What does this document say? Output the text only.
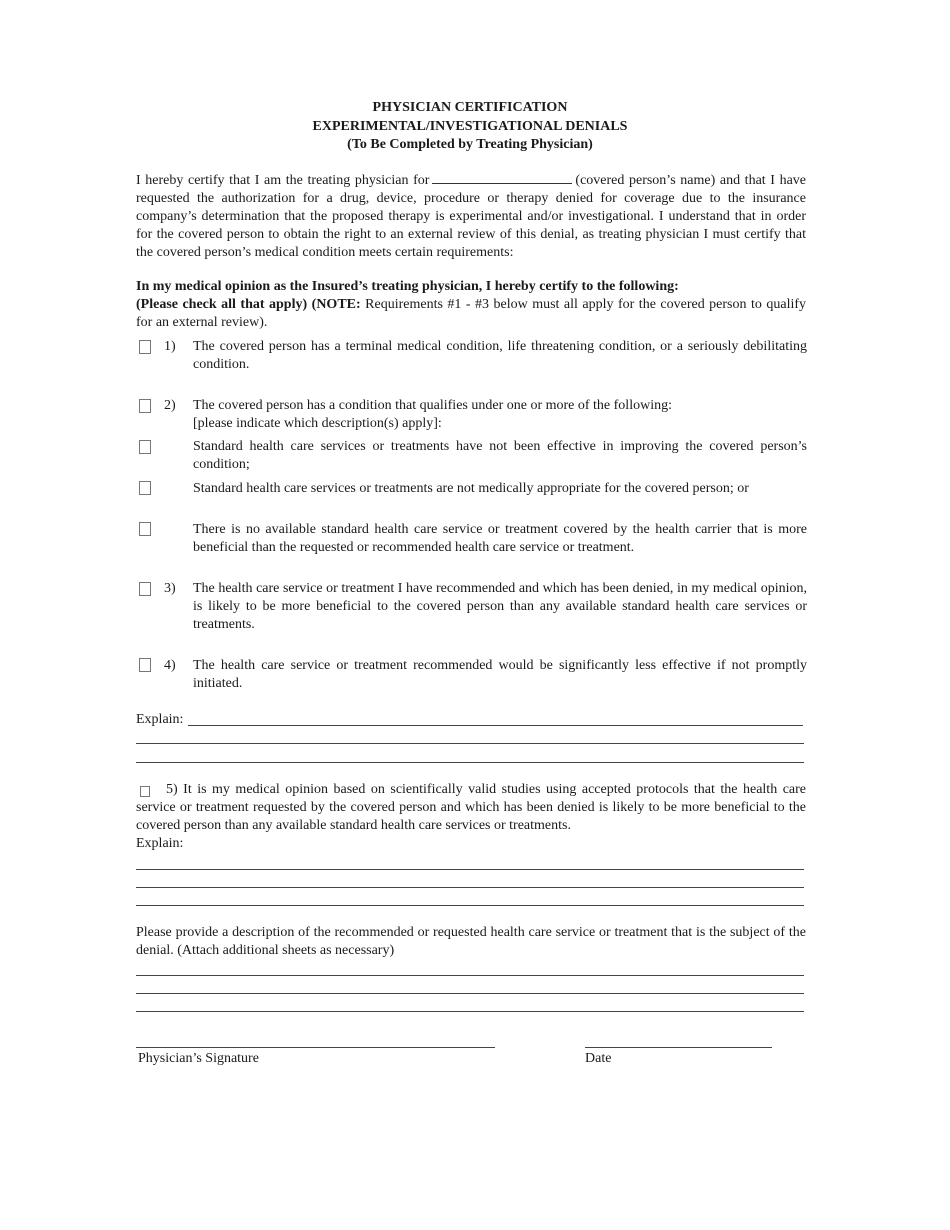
PHYSICIAN CERTIFICATION
EXPERIMENTAL/INVESTIGATIONAL DENIALS
(To Be Completed by Treating Physician)
I hereby certify that I am the treating physician for	(covered person’s name) and that I have requested the authorization for a drug, device, procedure or therapy denied for coverage due to the insurance company’s determination that the proposed therapy is experimental and/or investigational. I understand that in order for the covered person to obtain the right to an external review of this denial, as treating physician I must certify that the covered person’s medical condition meets certain requirements:
In my medical opinion as the Insured’s treating physician, I hereby certify to the following:
(Please check all that apply) (NOTE: Requirements #1 - #3 below must all apply for the covered person to qualify for an external review).
1) The covered person has a terminal medical condition, life threatening condition, or a seriously debilitating condition.
2) The covered person has a condition that qualifies under one or more of the following:
[please indicate which description(s) apply]:
Standard health care services or treatments have not been effective in improving the covered person’s condition;
Standard health care services or treatments are not medically appropriate for the covered person; or
There is no available standard health care service or treatment covered by the health carrier that is more beneficial than the requested or recommended health care service or treatment.
3) The health care service or treatment I have recommended and which has been denied, in my medical opinion, is likely to be more beneficial to the covered person than any available standard health care services or treatments.
4) The health care service or treatment recommended would be significantly less effective if not promptly initiated.
Explain:
5) It is my medical opinion based on scientifically valid studies using accepted protocols that the health care service or treatment requested by the covered person and which has been denied is likely to be more beneficial to the covered person than any available standard health care services or treatments.
Explain:
Please provide a description of the recommended or requested health care service or treatment that is the subject of the denial. (Attach additional sheets as necessary)
Physician’s Signature	Date
